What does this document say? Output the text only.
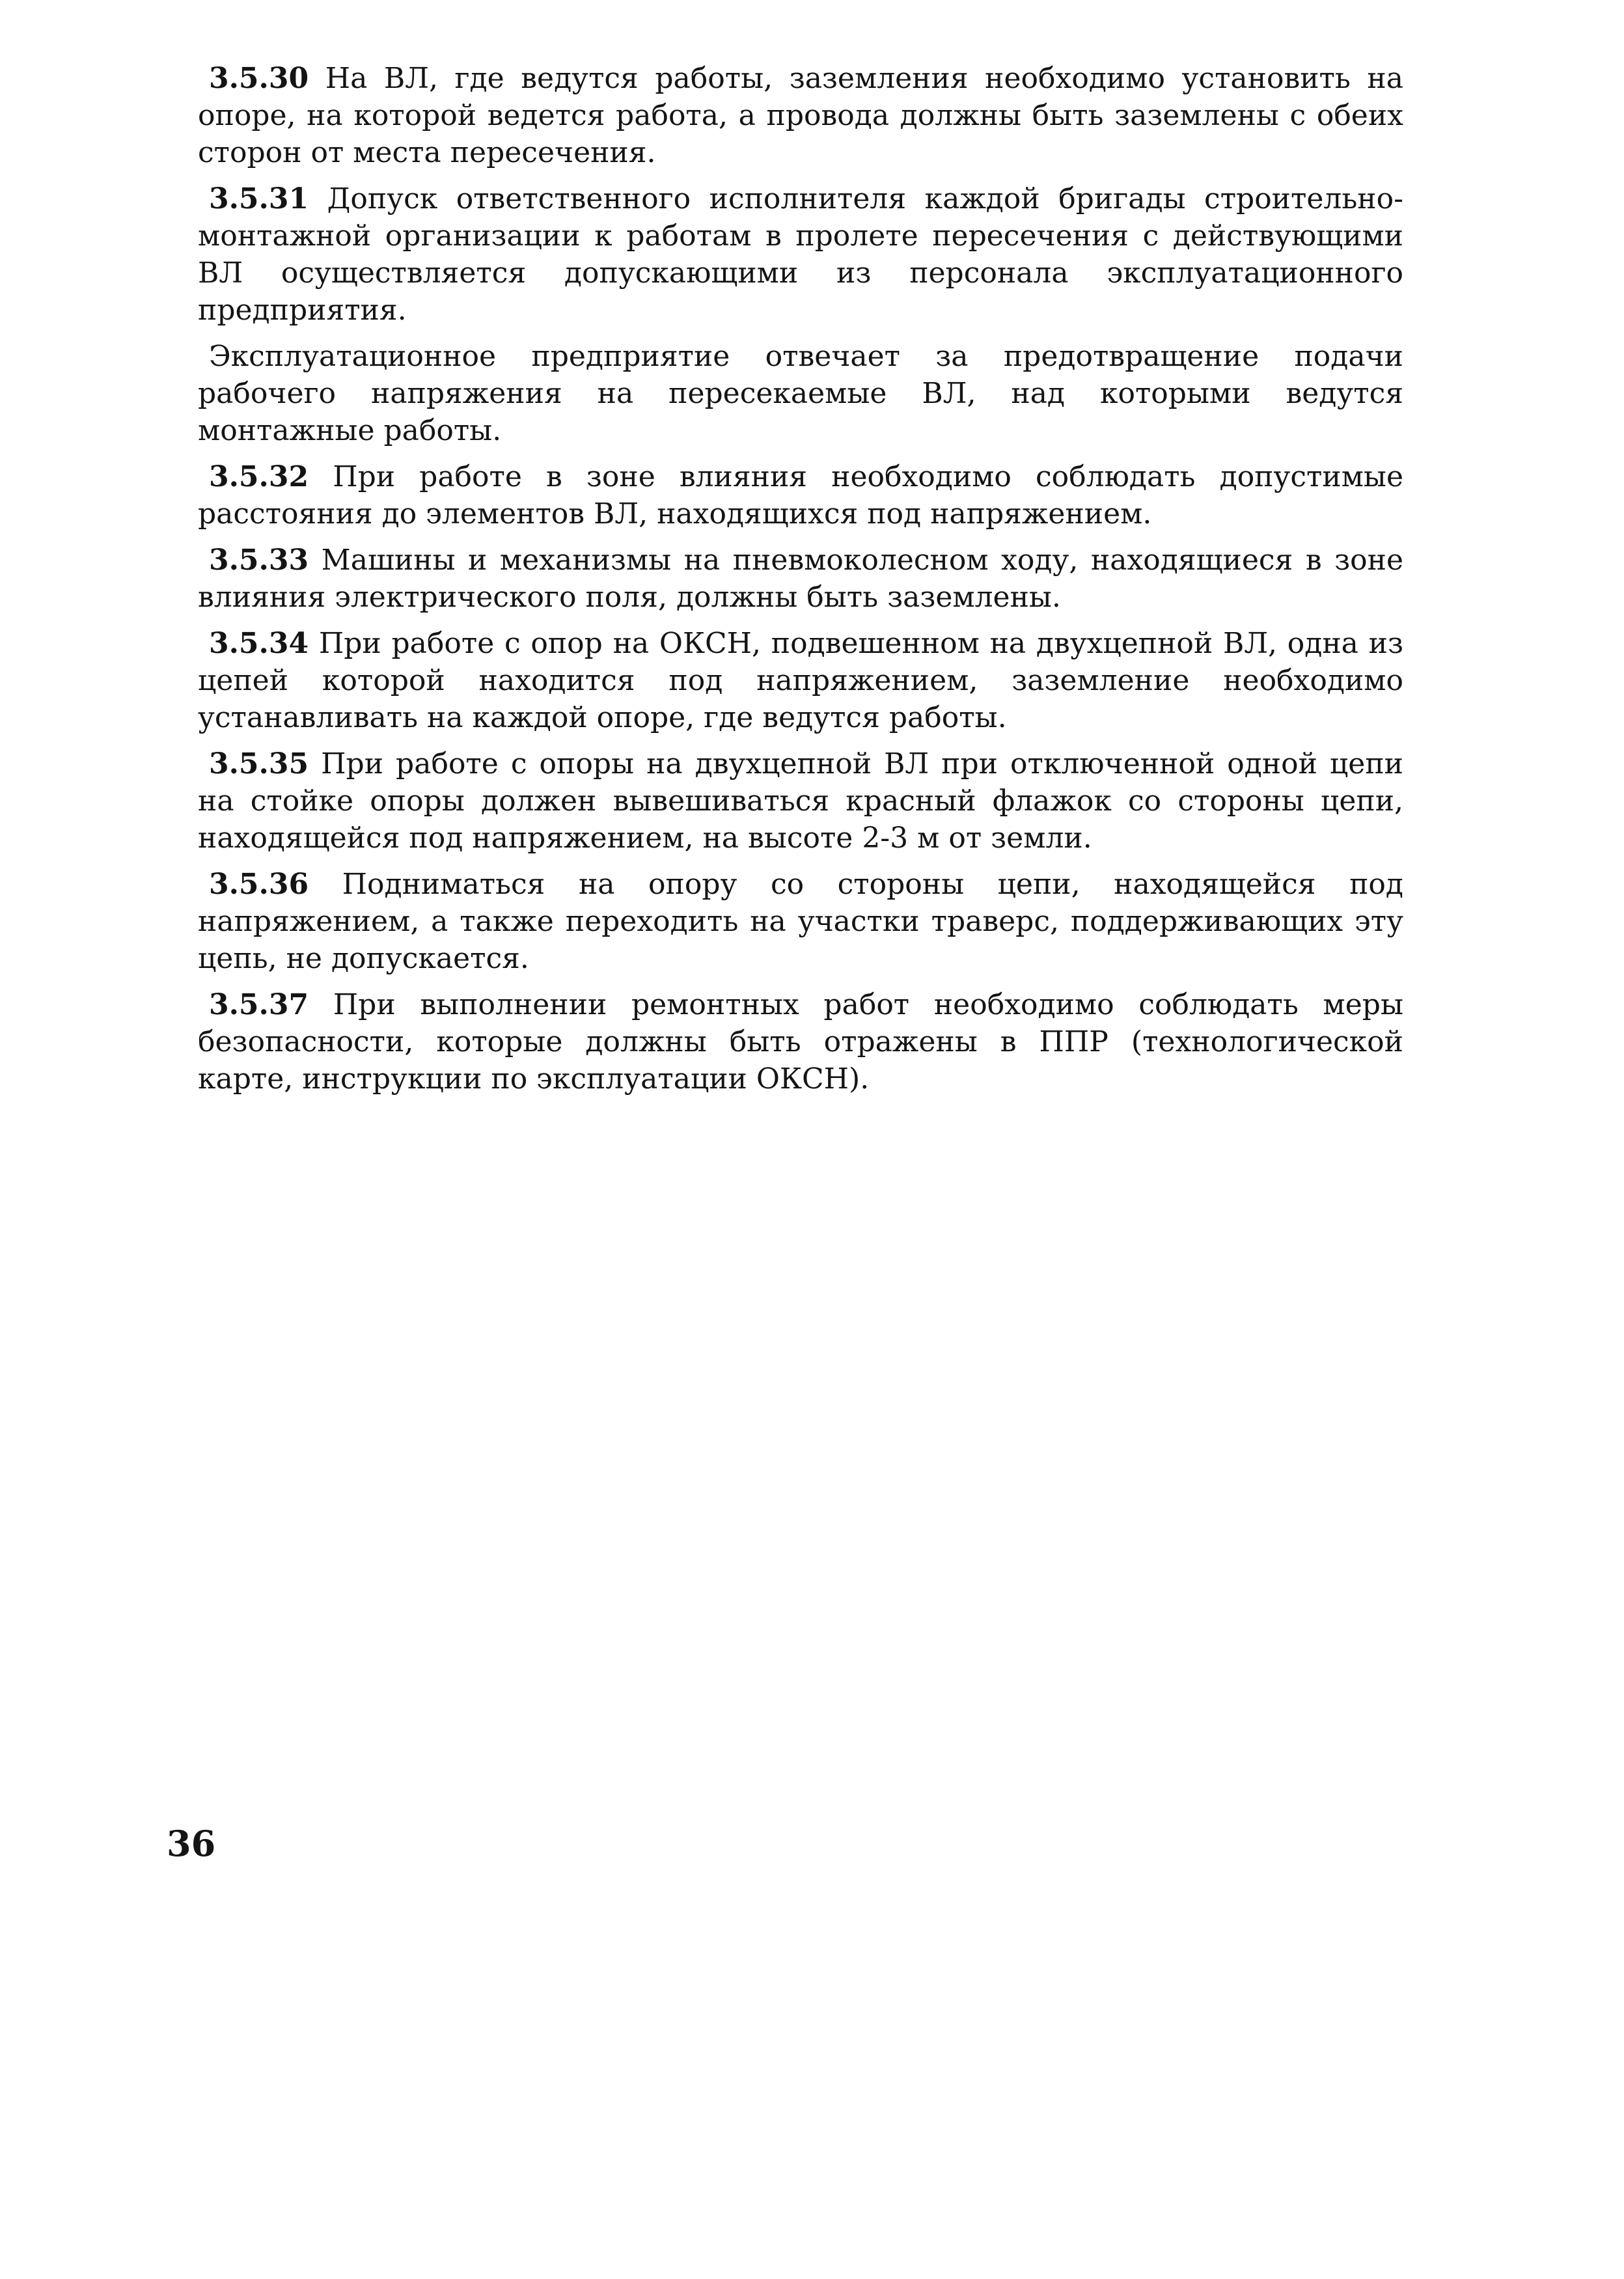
3.5.30 На ВЛ, где ведутся работы, заземления необходимо установить на опоре, на которой ведется работа, а провода должны быть заземлены с обеих сторон от места пересечения.

3.5.31 Допуск ответственного исполнителя каждой бригады строительно-монтажной организации к работам в пролете пересечения с действующими ВЛ осуществляется допускающими из персонала эксплуатационного предприятия.

Эксплуатационное предприятие отвечает за предотвращение подачи рабочего напряжения на пересекаемые ВЛ, над которыми ведутся монтажные работы.

3.5.32 При работе в зоне влияния необходимо соблюдать допустимые расстояния до элементов ВЛ, находящихся под напряжением.

3.5.33 Машины и механизмы на пневмоколесном ходу, находящиеся в зоне влияния электрического поля, должны быть заземлены.

3.5.34 При работе с опор на ОКСН, подвешенном на двухцепной ВЛ, одна из цепей которой находится под напряжением, заземление необходимо устанавливать на каждой опоре, где ведутся работы.

3.5.35 При работе с опоры на двухцепной ВЛ при отключенной одной цепи на стойке опоры должен вывешиваться красный флажок со стороны цепи, находящейся под напряжением, на высоте 2-3 м от земли.

3.5.36 Подниматься на опору со стороны цепи, находящейся под напряжением, а также переходить на участки траверс, поддерживающих эту цепь, не допускается.

3.5.37 При выполнении ремонтных работ необходимо соблюдать меры безопасности, которые должны быть отражены в ППР (технологической карте, инструкции по эксплуатации ОКСН).

36
